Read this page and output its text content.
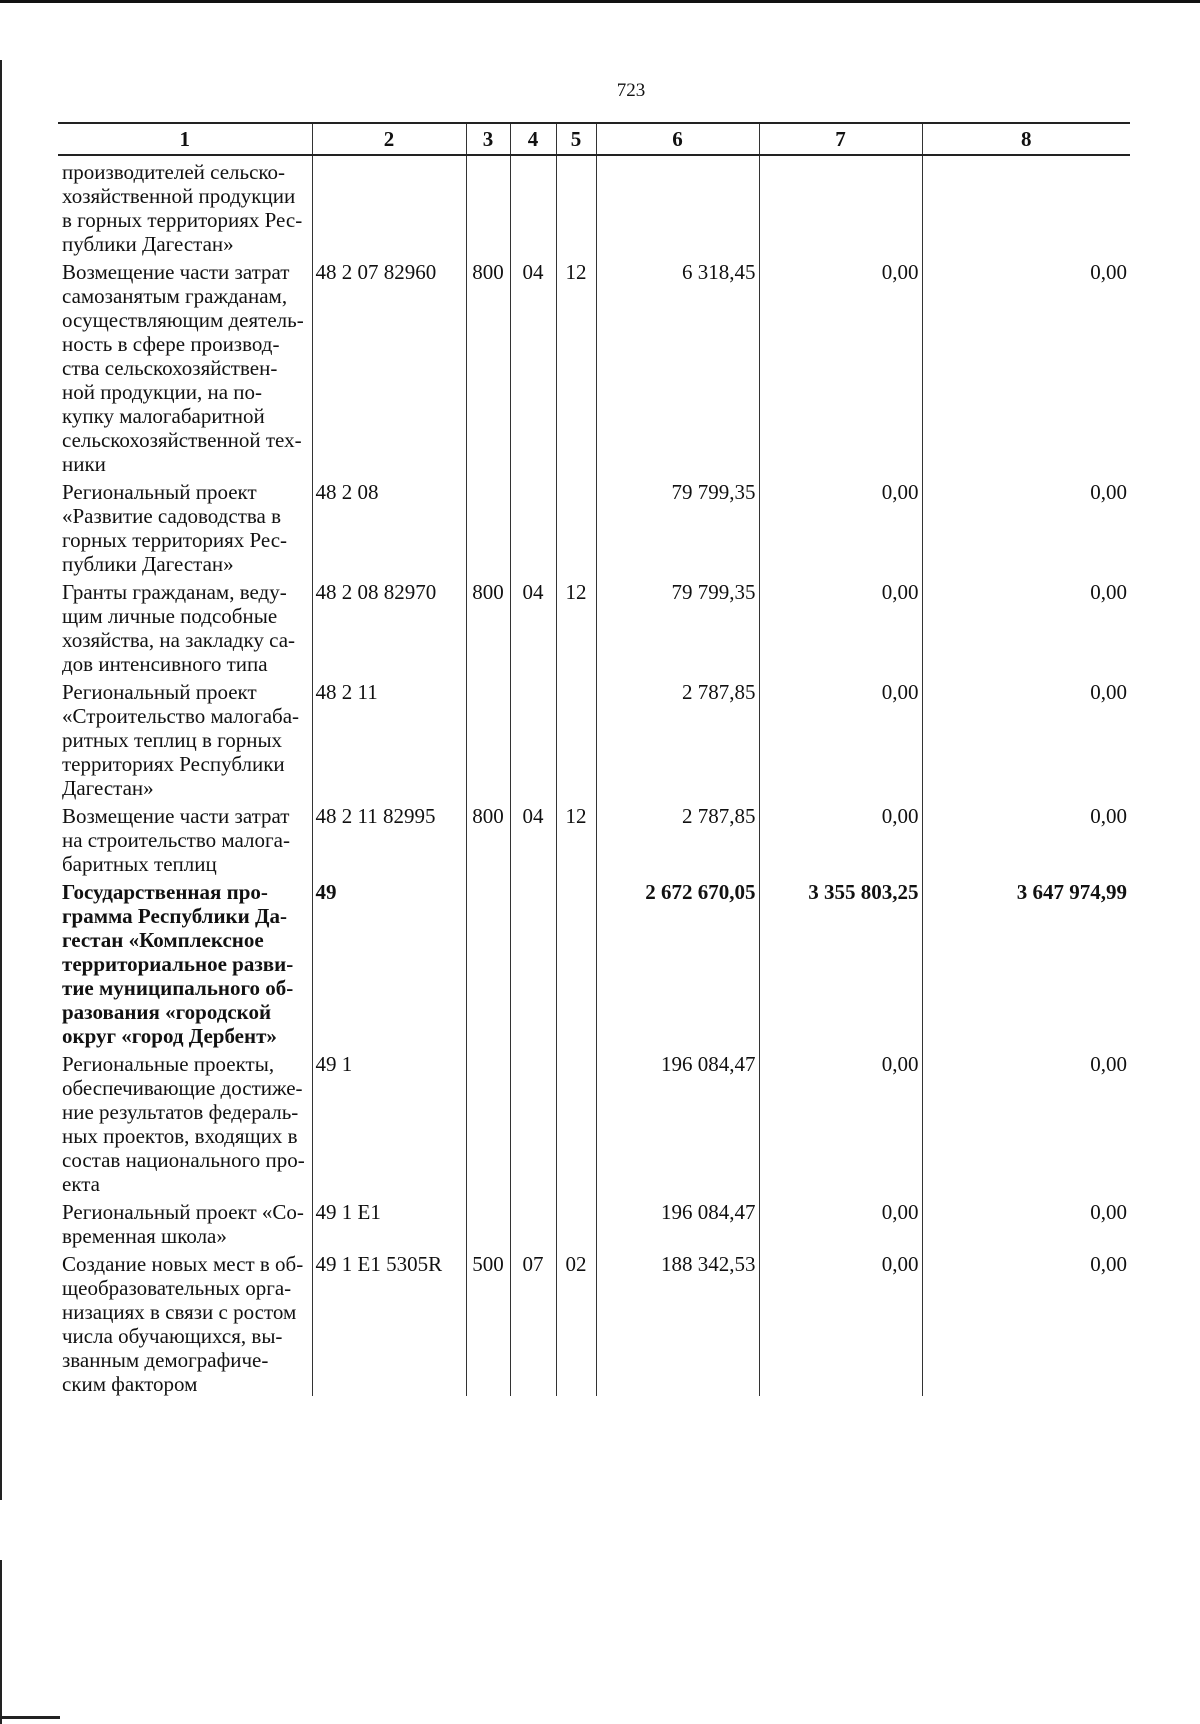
723
1	2	3	4	5	6	7	8
производителей сельско-хозяйственной продукции в горных территориях Рес-публики Дагестан»							
Возмещение части затрат самозанятым гражданам, осуществляющим деятель-ность в сфере производ-ства сельскохозяйствен-ной продукции, на по-купку малогабаритной сельскохозяйственной тех-ники	48 2 07 82960	800	04	12	6 318,45	0,00	0,00
Региональный проект «Развитие садоводства в горных территориях Рес-публики Дагестан»	48 2 08				79 799,35	0,00	0,00
Гранты гражданам, веду-щим личные подсобные хозяйства, на закладку са-дов интенсивного типа	48 2 08 82970	800	04	12	79 799,35	0,00	0,00
Региональный проект «Строительство малогаба-ритных теплиц в горных территориях Республики Дагестан»	48 2 11				2 787,85	0,00	0,00
Возмещение части затрат на строительство малога-баритных теплиц	48 2 11 82995	800	04	12	2 787,85	0,00	0,00
Государственная про-грамма Республики Да-гестан «Комплексное территориальное разви-тие муниципального об-разования «городской округ «город Дербент»	49				2 672 670,05	3 355 803,25	3 647 974,99
Региональные проекты, обеспечивающие достиже-ние результатов федераль-ных проектов, входящих в состав национального про-екта	49 1				196 084,47	0,00	0,00
Региональный проект «Со-временная школа»	49 1 E1				196 084,47	0,00	0,00
Создание новых мест в об-щеобразовательных орга-низациях в связи с ростом числа обучающихся, вы-званным демографиче-ским фактором	49 1 E1 5305R	500	07	02	188 342,53	0,00	0,00
